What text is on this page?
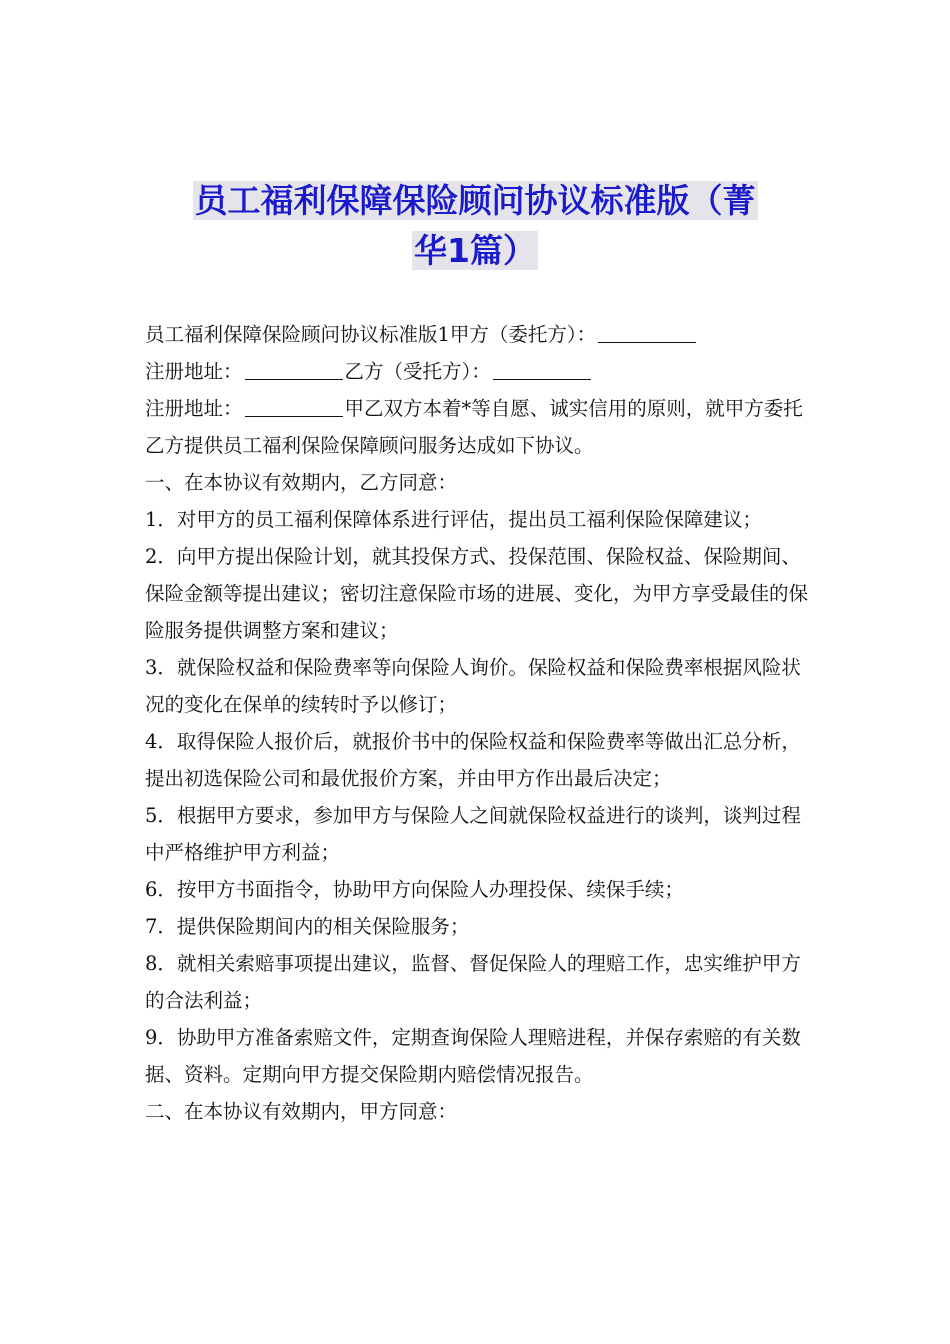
员工福利保障保险顾问协议标准版（菁
华1篇）

员工福利保障保险顾问协议标准版1甲方（委托方）：

注册地址：	乙方（受托方）：

注册地址：	甲乙双方本着*等自愿、诚实信用的原则，就甲方委托乙方提供员工福利保险保障顾问服务达成如下协议。

一、在本协议有效期内，乙方同意：

1．对甲方的员工福利保障体系进行评估，提出员工福利保险保障建议；

2．向甲方提出保险计划，就其投保方式、投保范围、保险权益、保险期间、保险金额等提出建议；密切注意保险市场的进展、变化，为甲方享受最佳的保险服务提供调整方案和建议；

3．就保险权益和保险费率等向保险人询价。保险权益和保险费率根据风险状况的变化在保单的续转时予以修订；

4．取得保险人报价后，就报价书中的保险权益和保险费率等做出汇总分析，提出初选保险公司和最优报价方案，并由甲方作出最后决定；

5．根据甲方要求，参加甲方与保险人之间就保险权益进行的谈判，谈判过程中严格维护甲方利益；

6．按甲方书面指令，协助甲方向保险人办理投保、续保手续；

7．提供保险期间内的相关保险服务；

8．就相关索赔事项提出建议，监督、督促保险人的理赔工作，忠实维护甲方的合法利益；

9．协助甲方准备索赔文件，定期查询保险人理赔进程，并保存索赔的有关数据、资料。定期向甲方提交保险期内赔偿情况报告。

二、在本协议有效期内，甲方同意：
